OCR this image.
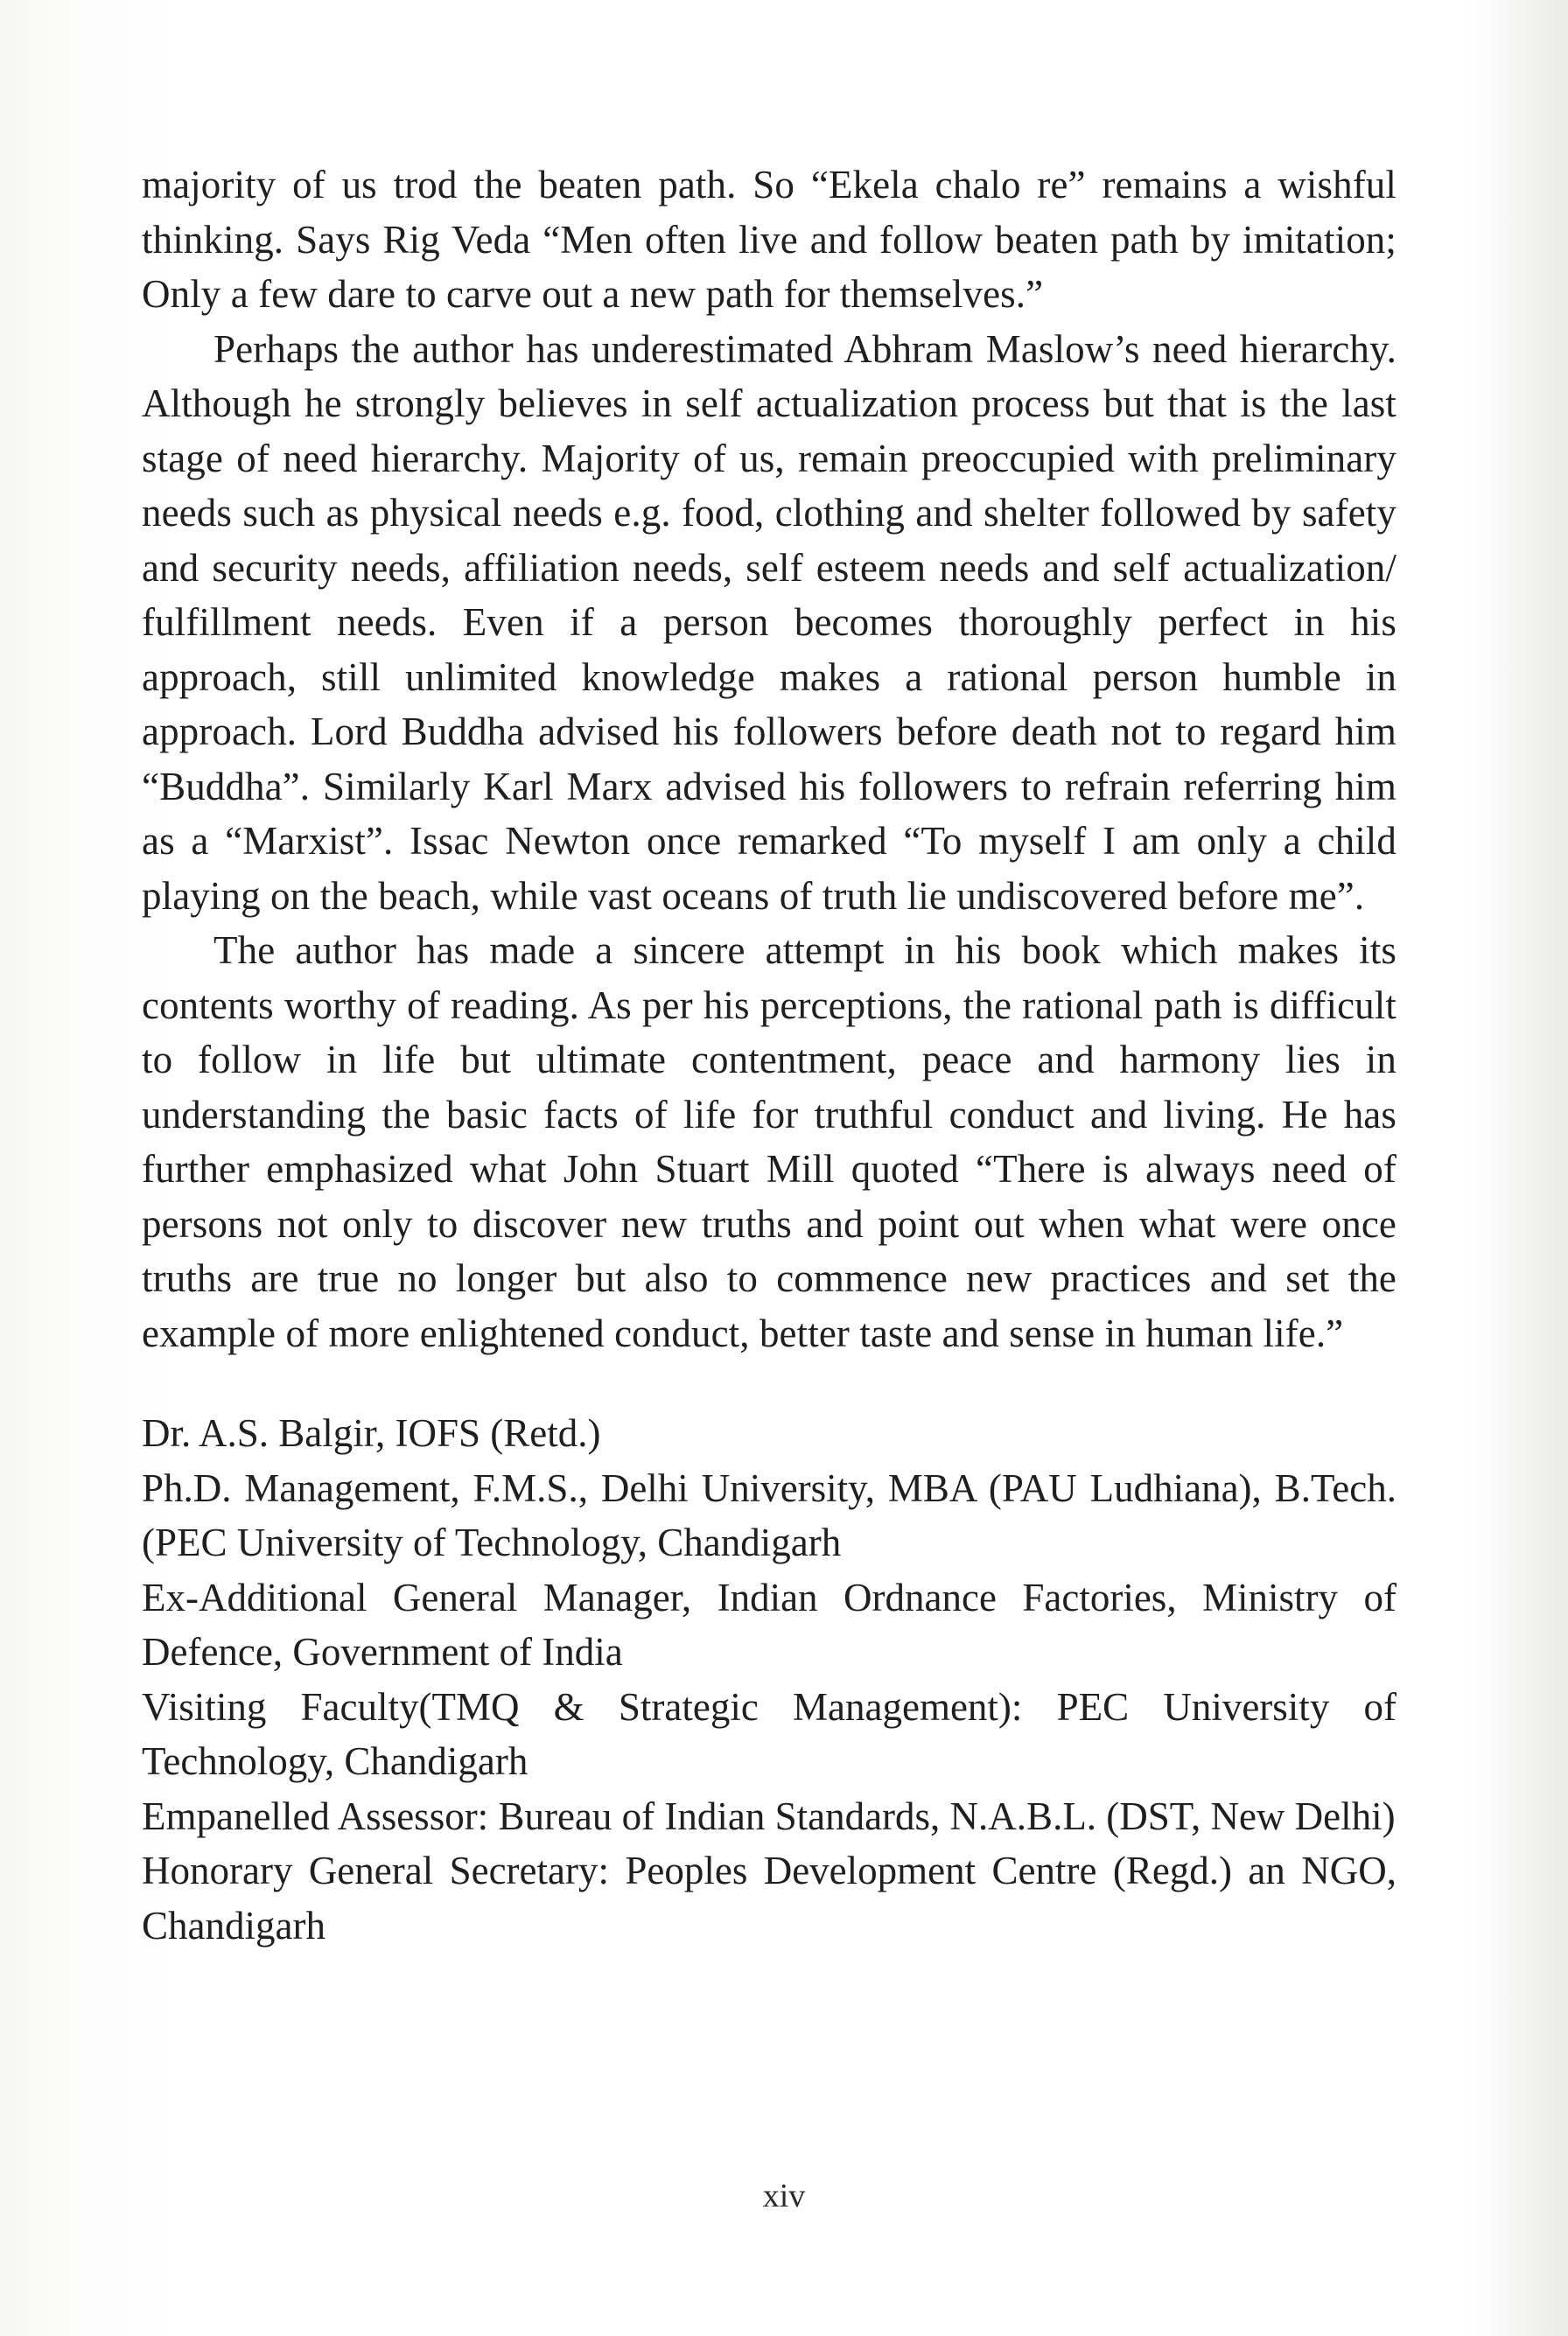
majority of us trod the beaten path. So “Ekela chalo re” remains a wishful thinking. Says Rig Veda “Men often live and follow beaten path by imitation; Only a few dare to carve out a new path for themselves.”

Perhaps the author has underestimated Abhram Maslow’s need hierarchy. Although he strongly believes in self actualization process but that is the last stage of need hierarchy. Majority of us, remain preoccupied with preliminary needs such as physical needs e.g. food, clothing and shelter followed by safety and security needs, affiliation needs, self esteem needs and self actualization/ fulfillment needs. Even if a person becomes thoroughly perfect in his approach, still unlimited knowledge makes a rational person humble in approach. Lord Buddha advised his followers before death not to regard him “Buddha”. Similarly Karl Marx advised his followers to refrain referring him as a “Marxist”. Issac Newton once remarked “To myself I am only a child playing on the beach, while vast oceans of truth lie undiscovered before me”.

The author has made a sincere attempt in his book which makes its contents worthy of reading. As per his perceptions, the rational path is difficult to follow in life but ultimate contentment, peace and harmony lies in understanding the basic facts of life for truthful conduct and living. He has further emphasized what John Stuart Mill quoted “There is always need of persons not only to discover new truths and point out when what were once truths are true no longer but also to commence new practices and set the example of more enlightened conduct, better taste and sense in human life.”

Dr. A.S. Balgir, IOFS (Retd.)

Ph.D. Management, F.M.S., Delhi University, MBA (PAU Ludhiana), B.Tech. (PEC University of Technology, Chandigarh

Ex-Additional General Manager, Indian Ordnance Factories, Ministry of Defence, Government of India

Visiting Faculty(TMQ & Strategic Management): PEC University of Technology, Chandigarh

Empanelled Assessor: Bureau of Indian Standards, N.A.B.L. (DST, New Delhi)

Honorary General Secretary: Peoples Development Centre (Regd.) an NGO, Chandigarh

xiv
